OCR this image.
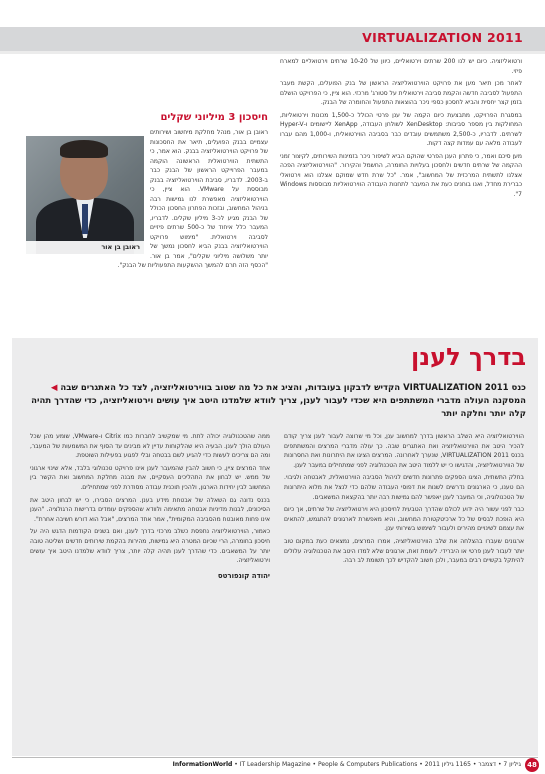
VIRTUALIZATION 2011
חיסכון 3 מיליוני שקלים
ראובן בן אור
ראובן בן אור, מנהל מחלקת מיחשוב ושירותים עצמיים בבנק הפועלים, תיאר את החסכונות של פרויקט הווירטואליזציה בבנק. הוא אמר, כי התשתית הווירטואלית הראשונה הוקמה במעבר הפרוייקט הראשון של הבנק כבר ב-2003. לדבריו, סביבת הווירטואליזציה בבנק מבוססת על VMware. הוא ציין, כי הווירטואליזציה מאפשרת לנו גמישות רבה בניהול המחשוב, ובזכות הפתרון החסכון הכולל של הבנק מגיע לכ-3 מיליון שקלים. לדבריו, המעבר כלל איחוד של כ-500 שרתים פיזיים לסביבה וירטואלית. "מימוש פרויקט הווירטואליזציה בבנק הביא לחסכון נמשך של יותר משלושה מיליוני שקלים", אמר בן אור. "הכסף הזה תרם להמשך ההשקעות התפעוליות של הבנק".

ורטואליזציה. כיום יש לנו 200 שרתים וירטואליים, כיוון של 10-20 שרתים וירטואליים למארח פיזי.

לאחר מכן תיאר מען את פרויקט הווירטואליזציה הראשון של בנק הפועלים, הקשת מעבר התפעול לסביבה חדשה והקמת סביבה וירטואלית על סטורג' מרכזי. הוא ציין, כי הפרויקט הושלם בזמן קצר יחסית והביא לחסכון כספי ניכר בהוצאות התפעול והחומרה של הבנק.

במסגרת הפרויקט, מתבצעת כיום הקמה של ענן פרטי הכולל כ-1,500 מכונות וירטואליות, המחולקות בין מספר סביבות: XenDesktop לשולחן העבודה, XenApp ליישומים ו-Hyper-V לשרתים. לדבריו, כ-2,500 משתמשים עובדים כבר בסביבה הווירטואלית, ו-1,000 מהם עברו לעבודה מלאה עם עמדות קצה דקות.

מען סיכם ואמר, כי פתרון הענן הפרטי שהוקם הביא לשיפור ניכר בזמינות השירותים, לקיצור זמני ההקמה של שרתים חדשים ולחסכון בעלויות החומרה, החשמל והקירור. "הווירטואליזציה הפכה אצלנו לתשתית המרכזית של המחשוב", אמר. "כל שרת חדש שמוקם אצלנו הוא וירטואלי כברירת מחדל, ואנו בוחנים כעת את המעבר לתחנות העבודה הווירטואליות מבוססות Windows 7".

בדרך לענן
כנס VIRTUALIZATION 2011 הקדיש לדבקון בעובדות, והציג את כל מה שטוב בווירטואליזציה, לצד כל האתגרים שבה ◀ המסקנה העולה מדברי המשתתפים היא שכדי לעבור לענן, צריך לוודא שלמדנו היטב איך עושים וירטואליזציה, כדי שהדרך תהיה קלה יותר וחלקה יותר

הווירטואליזציה היא השלב הראשון בדרך למחשוב ענן, וכל מי שרוצה לעבור לענן צריך קודם להכיר היטב את הווירטואליזציה ואת האתגרים שבה. כך עולה מדברי המרצים והמשתתפים בכנס VIRTUALIZATION 2011, שנערך לאחרונה. המרצים הציגו את היתרונות ואת החסרונות של הווירטואליזציה, והדגישו כי יש ללמוד היטב את הטכנולוגיה לפני שמתחילים במעבר לענן.

בחלק התשתית, הציגו הספקים פתרונות חדשים לניהול הסביבה הווירטואלית, לאבטחה ולגיבוי. הם טענו, כי הארגונים נדרשים לשנות את דפוסי העבודה שלהם כדי לנצל את מלוא היתרונות של הטכנולוגיה, וכי המעבר לענן יאפשר להם גמישות רבה יותר בהקצאת המשאבים.

כבר לפני עשור היה ידוע לכולם שהדרך הטבעית לחיסכון היא וירטואליזציה של שרתים, אך כיום היא הופכת לבסיס של כל ארכיטקטורת המחשוב, והיא מאפשרת לארגונים להתגמש, להתאים את עצמם לשינויים מהירים ולעבור לשימוש בשירותי ענן.

ארגונים שעברו בהצלחה את שלב הווירטואליזציה, אמרו המרצים, נמצאים כעת במקום טוב יותר לעבור לענן פרטי או היברידי. לעומת זאת, ארגונים שלא למדו היטב את הטכנולוגיה עלולים להיתקל בקשיים רבים במעבר, ולכן חשוב להקדיש לכך תשומת לב רבה.

ממה שהטכנולוגיה יכולה לתת. מי שמקשיב לחברות כמו Citrix ו-VMware, שומע מהן שכל העולם הולך לענן. הבעיה היא שהלקוחות עדיין לא מבינים עד הסוף את המשמעות של המעבר, ומה הם צריכים לעשות כדי להגיע לשם בבטחה ובלי לפגוע בפעילות השוטפת.

אחד המרצים ציין, כי חשוב להבין שהמעבר לענן אינו פרויקט טכנולוגי בלבד, אלא שינוי ארגוני של ממש. יש לבחון את התהליכים העסקיים, את מבנה מחלקת המחשוב ואת הקשר בין המחשוב לבין יחידות הארגון, ולהכין תוכנית עבודה מסודרת לפני שמתחילים.

בכנס נדונה גם השאלה של אבטחת מידע בענן. המרצים הסבירו, כי יש לבחון היטב את הסיכונים, לבנות מדיניות אבטחה מתאימה ולוודא שהספקים עומדים בדרישות הרגולציה. "הענן אינו פחות מאובטח מהסביבה המקומית", אמר אחד המרצים, "אבל הוא דורש חשיבה אחרת".

כאמור, הווירטואליזציה נתפסת כשלב מרכזי בדרך לענן, ואם בשנים הקודמות הדגש היה על חיסכון בחומרה, הרי שכיום המטרה היא גמישות, מהירות בהקמת שירותים חדשים ושליטה טובה יותר על המשאבים. כדי שהדרך לענן תהיה קלה יותר, צריך לוודא שלמדנו היטב איך עושים וירטואליזציה.

יהודה קונפורטס
InformationWorld • IT Leadership Magazine • People & Computers Publications • 2011 גיליון 7 • דצמבר • 1165 גיליון 48
